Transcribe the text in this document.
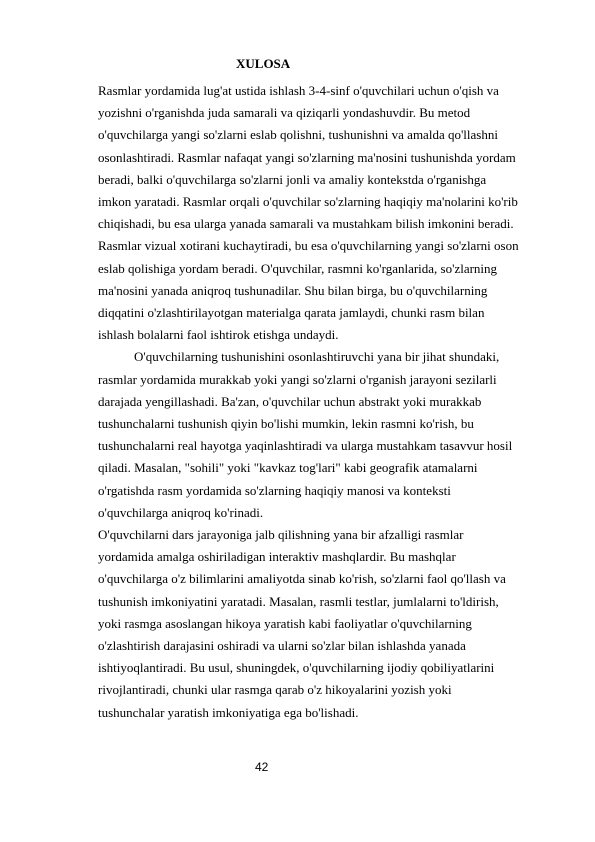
XULOSA
Rasmlar yordamida lug'at ustida ishlash 3-4-sinf o'quvchilari uchun o'qish va
yozishni o'rganishda juda samarali va qiziqarli yondashuvdir. Bu metod
o'quvchilarga yangi so'zlarni eslab qolishni, tushunishni va amalda qo'llashni
osonlashtiradi. Rasmlar nafaqat yangi so'zlarning ma'nosini tushunishda yordam
beradi, balki o'quvchilarga so'zlarni jonli va amaliy kontekstda o'rganishga
imkon yaratadi. Rasmlar orqali o'quvchilar so'zlarning haqiqiy ma'nolarini ko'rib
chiqishadi, bu esa ularga yanada samarali va mustahkam bilish imkonini beradi.
Rasmlar vizual xotirani kuchaytiradi, bu esa o'quvchilarning yangi so'zlarni oson
eslab qolishiga yordam beradi. O'quvchilar, rasmni ko'rganlarida, so'zlarning
ma'nosini yanada aniqroq tushunadilar. Shu bilan birga, bu o'quvchilarning
diqqatini o'zlashtirilayotgan materialga qarata jamlaydi, chunki rasm bilan
ishlash bolalarni faol ishtirok etishga undaydi.
O'quvchilarning tushunishini osonlashtiruvchi yana bir jihat shundaki,
rasmlar yordamida murakkab yoki yangi so'zlarni o'rganish jarayoni sezilarli
darajada yengillashadi. Ba'zan, o'quvchilar uchun abstrakt yoki murakkab
tushunchalarni tushunish qiyin bo'lishi mumkin, lekin rasmni ko'rish, bu
tushunchalarni real hayotga yaqinlashtiradi va ularga mustahkam tasavvur hosil
qiladi. Masalan, "sohili" yoki "kavkaz tog'lari" kabi geografik atamalarni
o'rgatishda rasm yordamida so'zlarning haqiqiy manosi va konteksti
o'quvchilarga aniqroq ko'rinadi.
O'quvchilarni dars jarayoniga jalb qilishning yana bir afzalligi rasmlar
yordamida amalga oshiriladigan interaktiv mashqlardir. Bu mashqlar
o'quvchilarga o'z bilimlarini amaliyotda sinab ko'rish, so'zlarni faol qo'llash va
tushunish imkoniyatini yaratadi. Masalan, rasmli testlar, jumlalarni to'ldirish,
yoki rasmga asoslangan hikoya yaratish kabi faoliyatlar o'quvchilarning
o'zlashtirish darajasini oshiradi va ularni so'zlar bilan ishlashda yanada
ishtiyoqlantiradi. Bu usul, shuningdek, o'quvchilarning ijodiy qobiliyatlarini
rivojlantiradi, chunki ular rasmga qarab o'z hikoyalarini yozish yoki
tushunchalar yaratish imkoniyatiga ega bo'lishadi.
42
